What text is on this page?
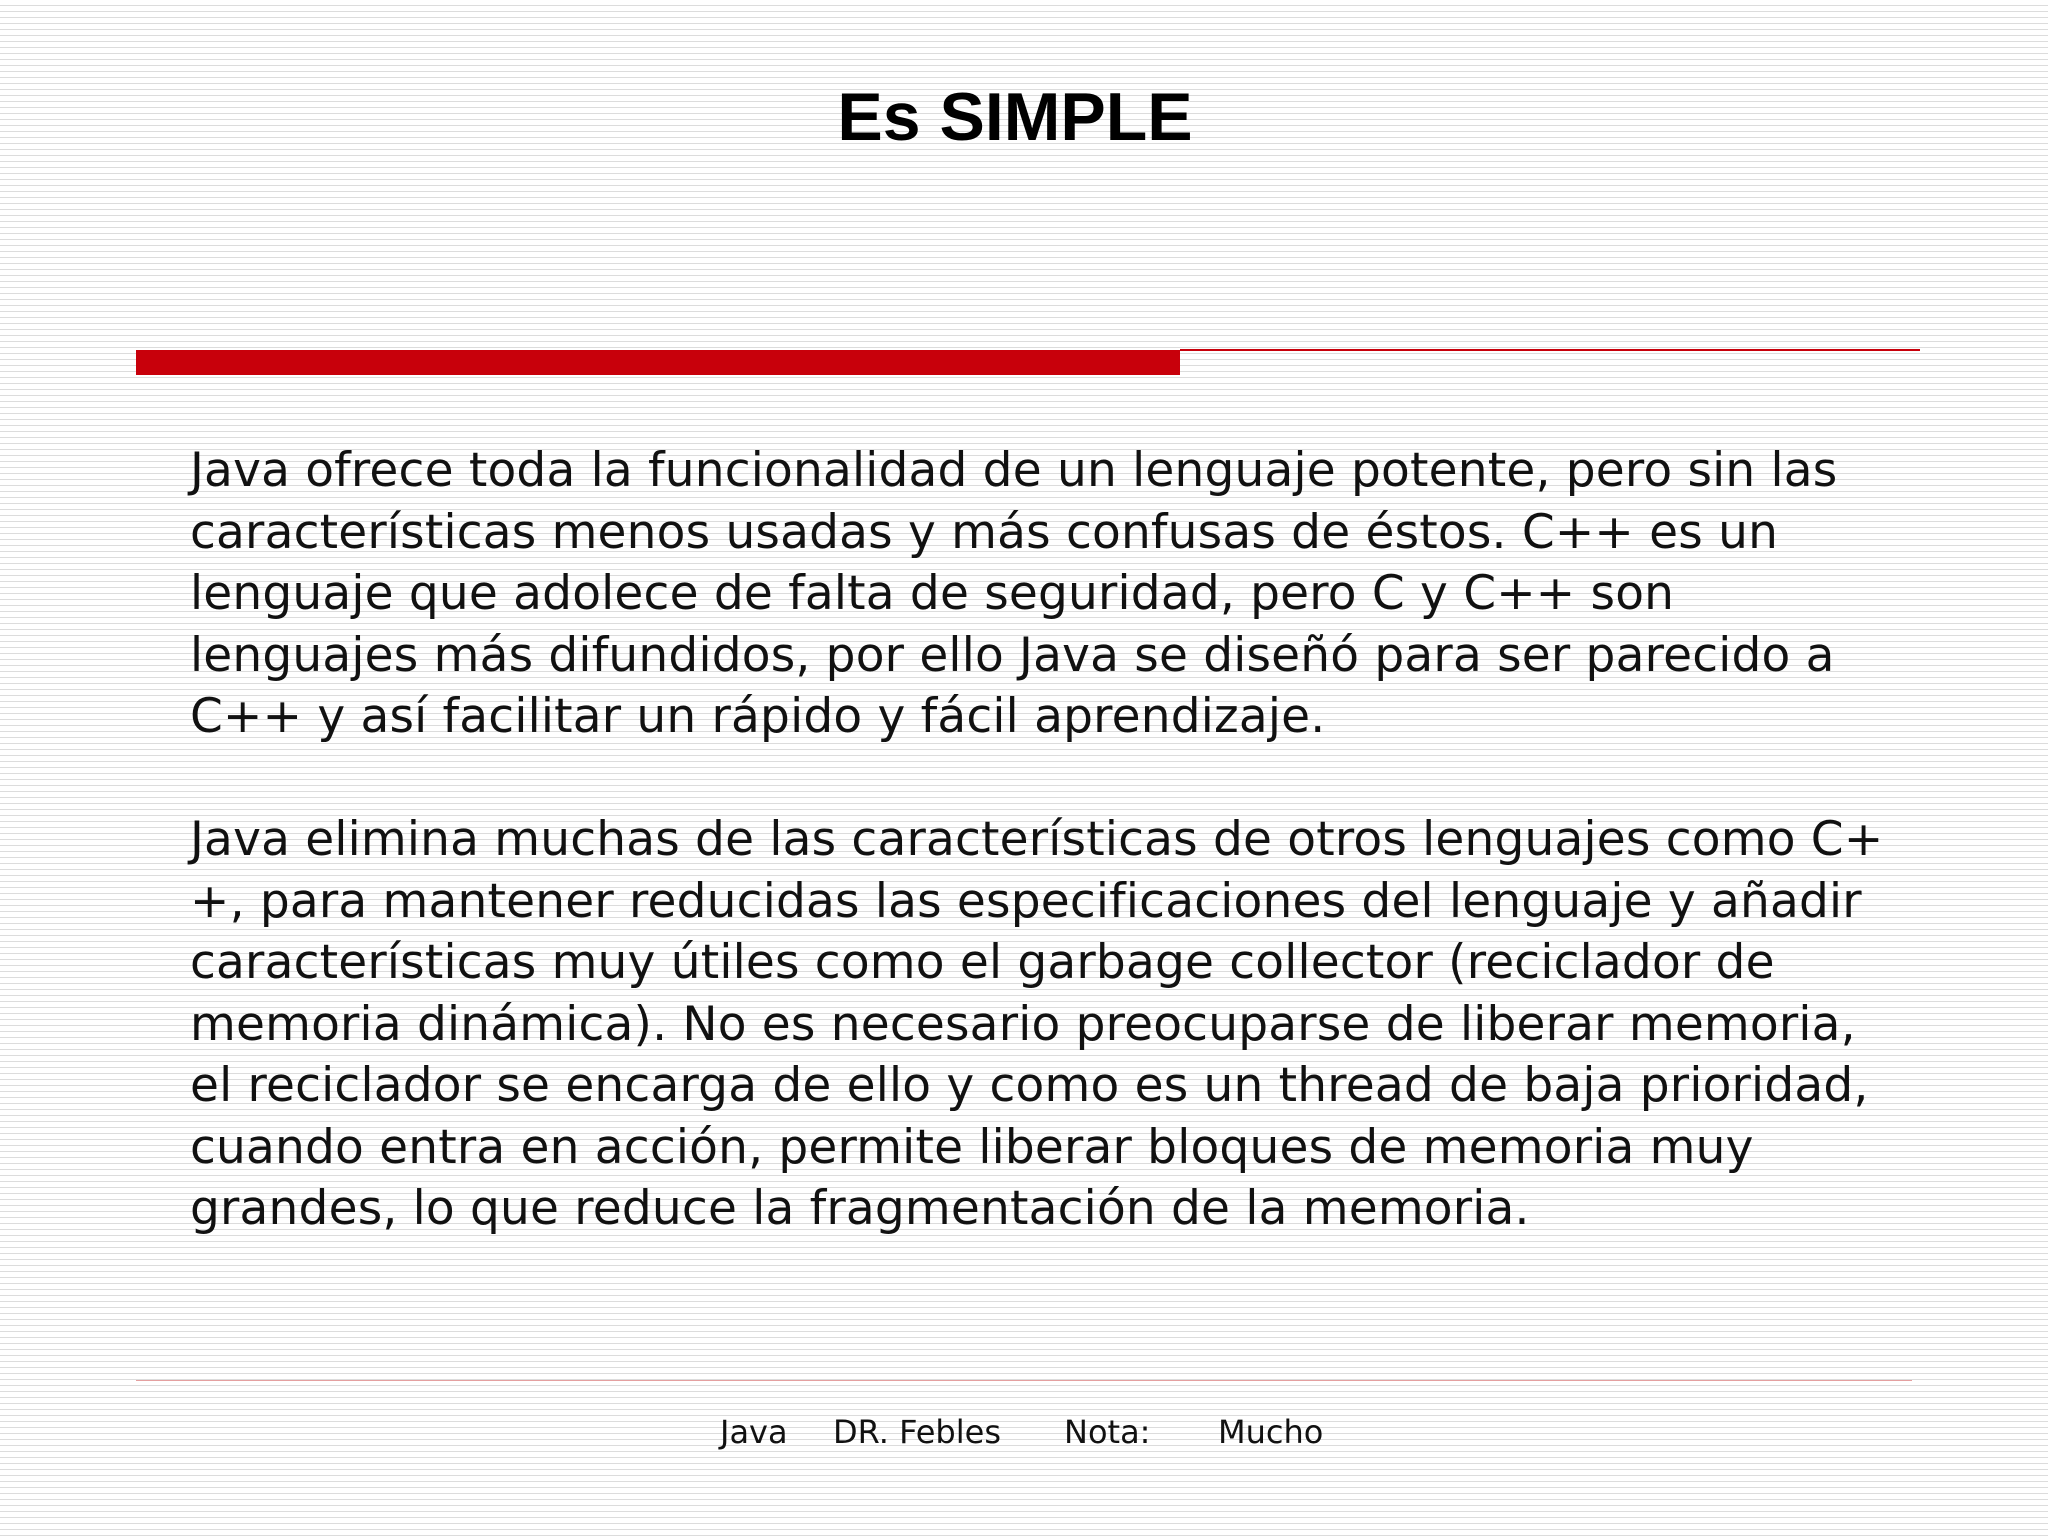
Es SIMPLE

Java ofrece toda la funcionalidad de un lenguaje potente, pero sin las
características menos usadas y más confusas de éstos. C++ es un
lenguaje que adolece de falta de seguridad, pero C y C++ son
lenguajes más difundidos, por ello Java se diseñó para ser parecido a
C++ y así facilitar un rápido y fácil aprendizaje.

Java elimina muchas de las características de otros lenguajes como C+
+, para mantener reducidas las especificaciones del lenguaje y añadir
características muy útiles como el garbage collector (reciclador de
memoria dinámica). No es necesario preocuparse de liberar memoria,
el reciclador se encarga de ello y como es un thread de baja prioridad,
cuando entra en acción, permite liberar bloques de memoria muy
grandes, lo que reduce la fragmentación de la memoria.

Java DR. Febles Nota: Mucho
